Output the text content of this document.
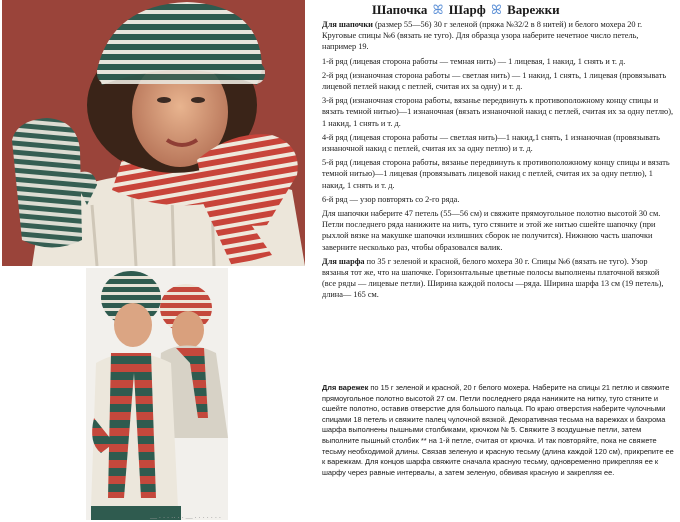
Шапочка ꕤ Шарф ꕤ Варежки

Для шапочки (размер 55—56) 30 г зеленой (пряжа №32/2 в 8 нитей) и белого мохера 20 г. Круговые спицы №6 (вязать не туго). Для образца узора наберите нечетное число петель, например 19.

1-й ряд (лицевая сторона работы — темная нить) — 1 лицевая, 1 накид, 1 снять и т. д.

2-й ряд (изнаночная сторона работы — светлая нить) — 1 накид, 1 снять, 1 лицевая (провязывать лицевой петлей накид с петлей, считая их за одну) и т. д.

3-й ряд (изнаночная сторона работы, вязанье передвинуть к противоположному концу спицы и вязать темной нитью)—1 изнаночная (вязать изнаночной накид с петлей, считая их за одну петлю), 1 накид, 1 снять и т. д.

4-й ряд (лицевая сторона работы — светлая нить)—1 накид,1 снять, 1 изнаночная (провязывать изнаночной накид с петлей, считая их за одну петлю) и т. д.

5-й ряд (лицевая сторона работы, вязанье передвинуть к противоположному концу спицы и вязать темной нитью)—1 лицевая (провязывать лицевой накид с петлей, считая их за одну петлю), 1 накид, 1 снять и т. д.

6-й ряд — узор повторять со 2-го ряда.

Для шапочки наберите 47 петель (55—56 см) и свяжите прямоугольное полотно высотой 30 см. Петли последнего ряда нанижите на нить, туго стяните и этой же нитью сшейте шапочку (при рыхлой вязке на макушке шапочки излишних сборок не получится). Нижнюю часть шапочки заверните несколько раз, чтобы образовался валик.

Для шарфа по 35 г зеленой и красной, белого мохера 30 г. Спицы №6 (вязать не туго). Узор вязанья тот же, что на шапочке. Горизонтальные цветные полосы выполнены платочной вязкой (все ряды — лицевые петли). Ширина каждой полосы —рядa. Ширина шарфа 13 см (19 петель), длина— 165 см.

Для варежек по 15 г зеленой и красной, 20 г белого мохера. Наберите на спицы 21 петлю и свяжите прямоугольное полотно высотой 27 см. Петли последнего ряда нанижите на нитку, туго стяните и сшейте полотно, оставив отверстие для большого пальца. По краю отверстия наберите чулочными спицами 18 петель и свяжите палец чулочной вязкой. Декоративная тесьма на варежках и бахрома шарфа выполнены пышными столбиками, крючком № 5. Свяжите 3 воздушные петли, затем выполните пышный столбик ** на 1-й петле, считая от крючка. И так повторяйте, пока не свяжете тесьму необходимой длины. Связав зеленую и красную тесьму (длина каждой 120 см), прикрепите ее к варежкам. Для концов шарфа свяжите сначала красную тесьму, одновременно прикрепляя ее к шарфу через равные интервалы, а затем зеленую, обвивая красную и закрепляя ее.

— · · · ·· · · — · · · · · · ·
